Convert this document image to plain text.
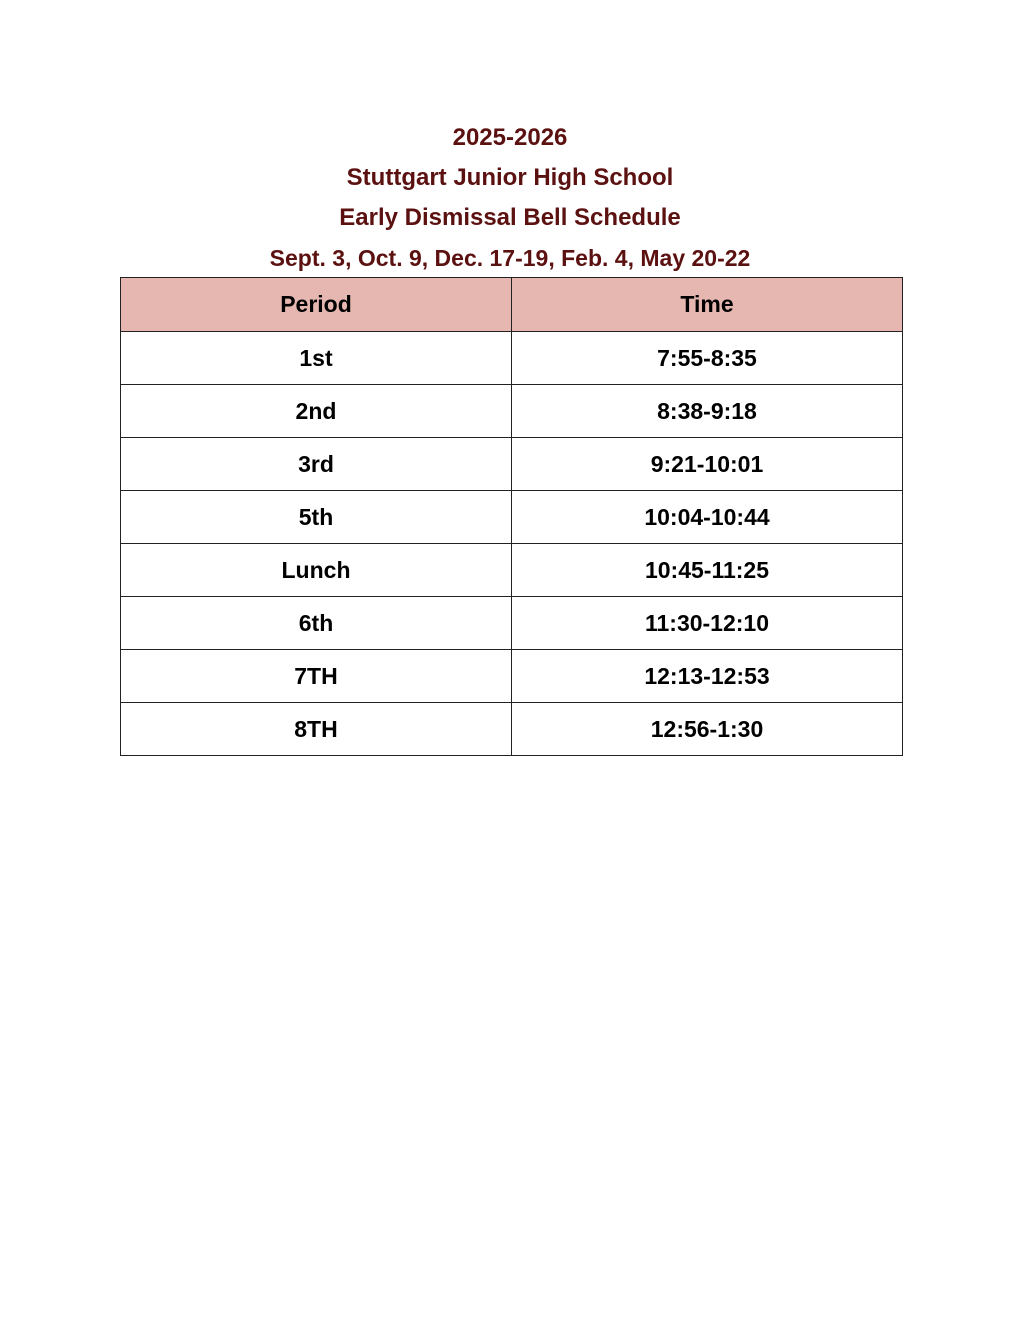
2025-2026
Stuttgart Junior High School
Early Dismissal Bell Schedule
Sept. 3, Oct. 9, Dec. 17-19, Feb. 4, May 20-22
Period	Time
1st	7:55-8:35
2nd	8:38-9:18
3rd	9:21-10:01
5th	10:04-10:44
Lunch	10:45-11:25
6th	11:30-12:10
7TH	12:13-12:53
8TH	12:56-1:30
